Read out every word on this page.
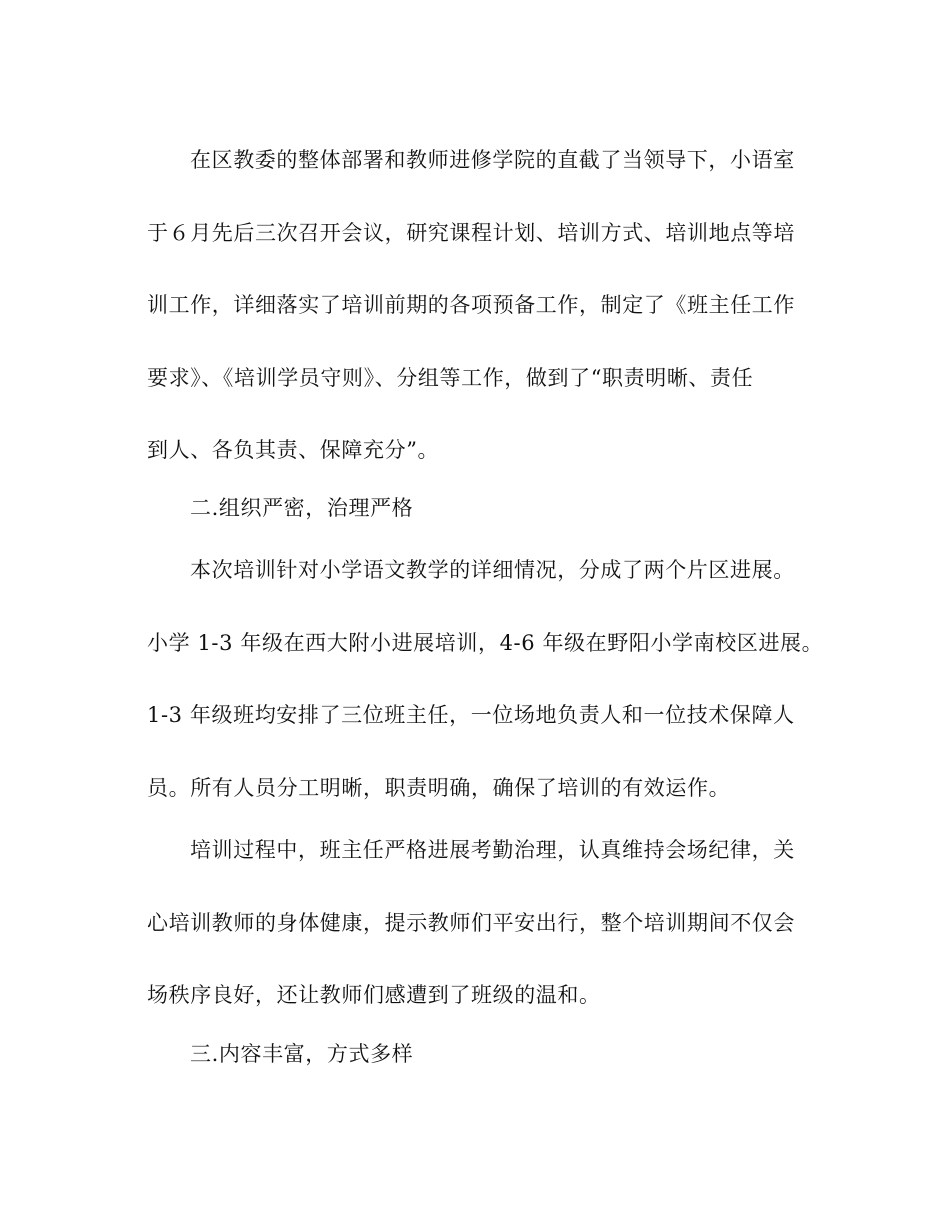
在区教委的整体部署和教师进修学院的直截了当领导下，小语室
于６月先后三次召开会议，研究课程计划、培训方式、培训地点等培
训工作，详细落实了培训前期的各项预备工作，制定了《班主任工作
要求》、《培训学员守则》、分组等工作，做到了“职责明晰、责任
到人、各负其责、保障充分”。
二.组织严密，治理严格
本次培训针对小学语文教学的详细情况，分成了两个片区进展。
小学 1-3 年级在西大附小进展培训，4-6 年级在野阳小学南校区进展。
1-3 年级班均安排了三位班主任，一位场地负责人和一位技术保障人
员。所有人员分工明晰，职责明确，确保了培训的有效运作。
培训过程中，班主任严格进展考勤治理，认真维持会场纪律，关
心培训教师的身体健康，提示教师们平安出行，整个培训期间不仅会
场秩序良好，还让教师们感遭到了班级的温和。
三.内容丰富，方式多样
